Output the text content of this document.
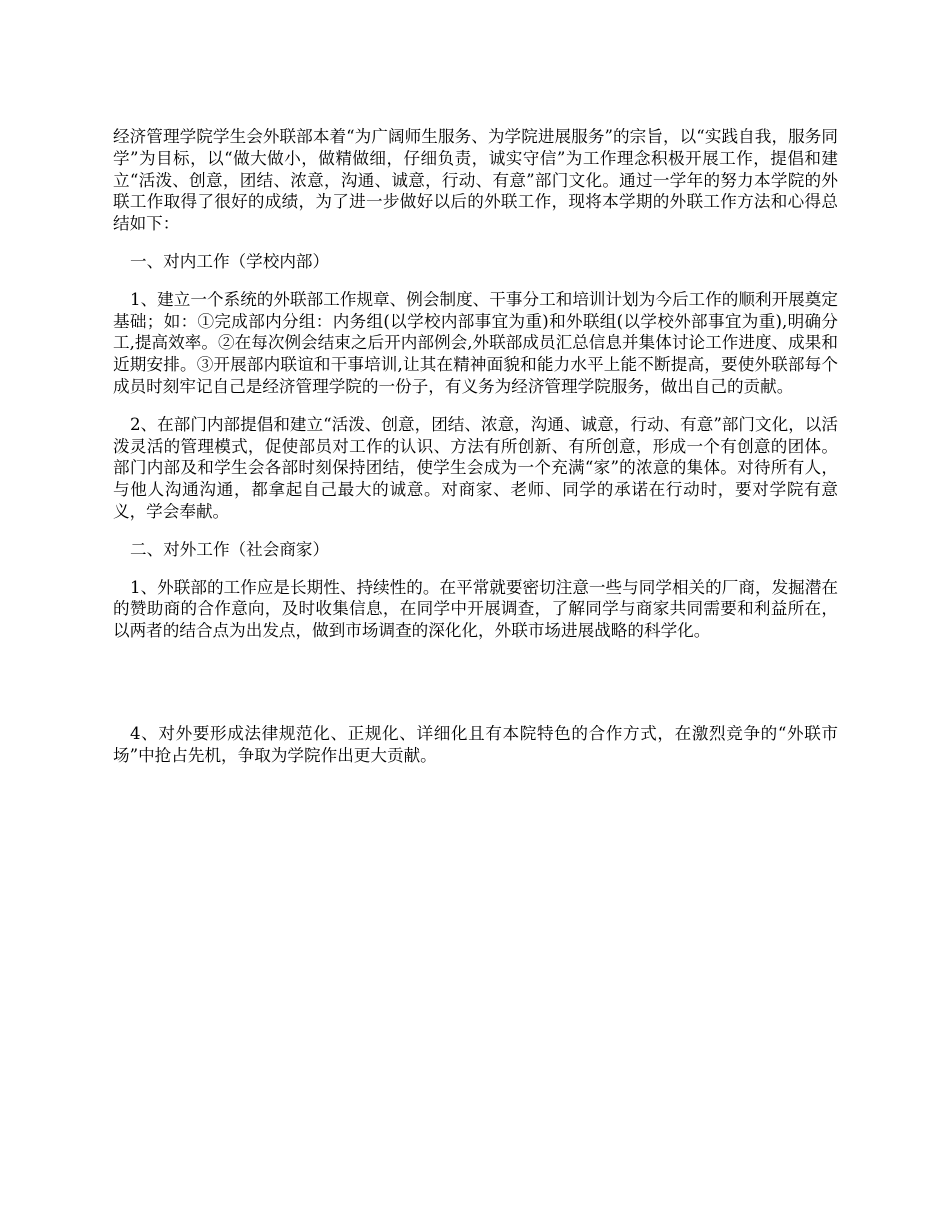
经济管理学院学生会外联部本着“为广阔师生服务、为学院进展服务”的宗旨，以“实践自我，服务同学”为目标，以“做大做小，做精做细，仔细负责，诚实守信”为工作理念积极开展工作，提倡和建立“活泼、创意，团结、浓意，沟通、诚意，行动、有意”部门文化。通过一学年的努力本学院的外联工作取得了很好的成绩，为了进一步做好以后的外联工作，现将本学期的外联工作方法和心得总结如下：

一、对内工作（学校内部）

1、建立一个系统的外联部工作规章、例会制度、干事分工和培训计划为今后工作的顺利开展奠定基础；如：①完成部内分组：内务组(以学校内部事宜为重)和外联组(以学校外部事宜为重),明确分工,提高效率。②在每次例会结束之后开内部例会,外联部成员汇总信息并集体讨论工作进度、成果和近期安排。③开展部内联谊和干事培训,让其在精神面貌和能力水平上能不断提高，要使外联部每个成员时刻牢记自己是经济管理学院的一份子，有义务为经济管理学院服务，做出自己的贡献。

2、在部门内部提倡和建立“活泼、创意，团结、浓意，沟通、诚意，行动、有意”部门文化，以活泼灵活的管理模式，促使部员对工作的认识、方法有所创新、有所创意，形成一个有创意的团体。部门内部及和学生会各部时刻保持团结，使学生会成为一个充满“家”的浓意的集体。对待所有人，与他人沟通沟通，都拿起自己最大的诚意。对商家、老师、同学的承诺在行动时，要对学院有意义，学会奉献。

二、对外工作（社会商家）

1、外联部的工作应是长期性、持续性的。在平常就要密切注意一些与同学相关的厂商，发掘潜在的赞助商的合作意向，及时收集信息，在同学中开展调查，了解同学与商家共同需要和利益所在，以两者的结合点为出发点，做到市场调查的深化化，外联市场进展战略的科学化。

4、对外要形成法律规范化、正规化、详细化且有本院特色的合作方式，在激烈竞争的“外联市场”中抢占先机，争取为学院作出更大贡献。
